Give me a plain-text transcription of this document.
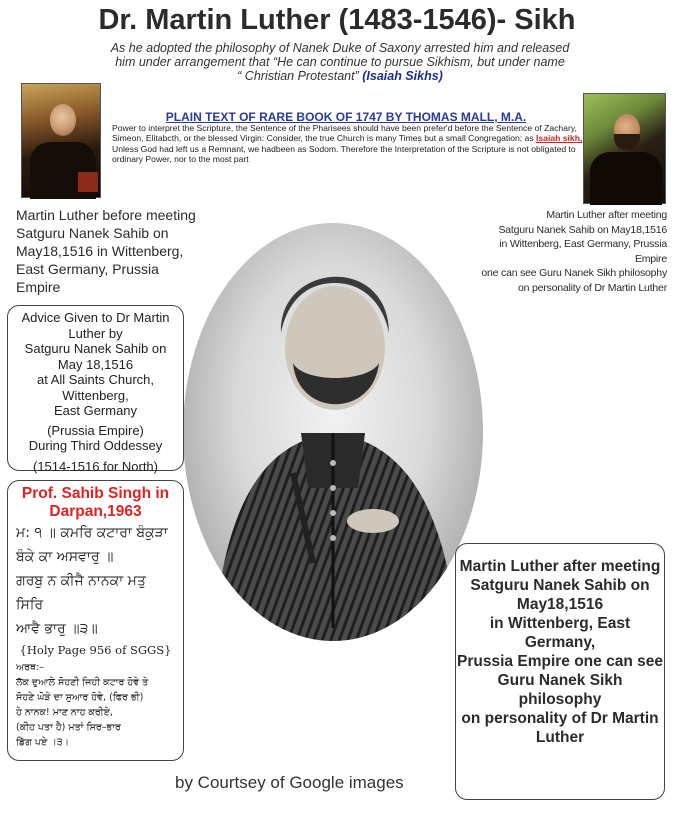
Dr. Martin Luther (1483-1546)- Sikh
As he adopted the philosophy of Nanek Duke of Saxony arrested him and released
him under arrangement that “He can continue to pursue Sikhism, but under name
“ Christian Protestant” (Isaiah Sikhs)
PLAIN TEXT OF RARE BOOK OF 1747 BY THOMAS MALL, M.A.
Power to interpret the Scripture, the Sentence of the Pharisees should have been prefer'd before the Sentence of Zachary, Simeon, Elitabcth, or the blessed Virgin: Consider, the true Church is many Times but a small Congregation; as Isaiah sikh, Unless God had left us a Remnant, we hadbeen as Sodom. Therefore the Interpretation of the Scripture is not obligated to ordinary Power, nor to the most part
Martin Luther before meeting Satguru Nanek Sahib on May18,1516 in Wittenberg, East Germany, Prussia Empire
Martin Luther after meeting
Satguru Nanek Sahib on May18,1516
in Wittenberg, East Germany, Prussia Empire
one can see Guru Nanek Sikh philosophy
on personality of Dr Martin Luther
Advice Given to Dr Martin Luther by
Satguru Nanek Sahib on
May 18,1516
at All Saints Church,
Wittenberg,
East Germany
(Prussia Empire)
During Third Oddessey
(1514-1516 for North)
Prof. Sahib Singh in Darpan,1963
ਮ: ੧ ॥ ਕਮਰਿ ਕਟਾਰਾ ਬੰਕੁੜਾ
ਬੰਕੇ ਕਾ ਅਸਵਾਰੁ ॥
ਗਰਬੁ ਨ ਕੀਜੈ ਨਾਨਕਾ ਮਤੁ ਸਿਰਿ
ਆਵੈ ਭਾਰੁ ॥੩॥
{Holy Page 956 of SGGS}
ਅਰਥ:–
ਲੱਕ ਦੁਆਲੇ ਸੋਹਣੀ ਜਿਹੀ ਕਟਾਰ ਹੋਵੇ ਤੇ
ਸੋਹਣੇ ਘੋੜੇ ਦਾ ਸੁਆਰ ਹੋਵੇ, (ਫਿਰ ਭੀ)
ਹੇ ਨਾਨਕ! ਮਾਣ ਨਾਹ ਕਰੀਏ,
(ਕੀਹ ਪਤਾ ਹੈ) ਮਤਾਂ ਸਿਰ–ਭਾਰ
ਡਿੱਗ ਪਏ ।੩।
Martin Luther after meeting
Satguru Nanek Sahib on
May18,1516
in Wittenberg, East Germany,
Prussia Empire one can see
Guru Nanek Sikh philosophy
on personality of Dr Martin Luther
by Courtsey of Google images
